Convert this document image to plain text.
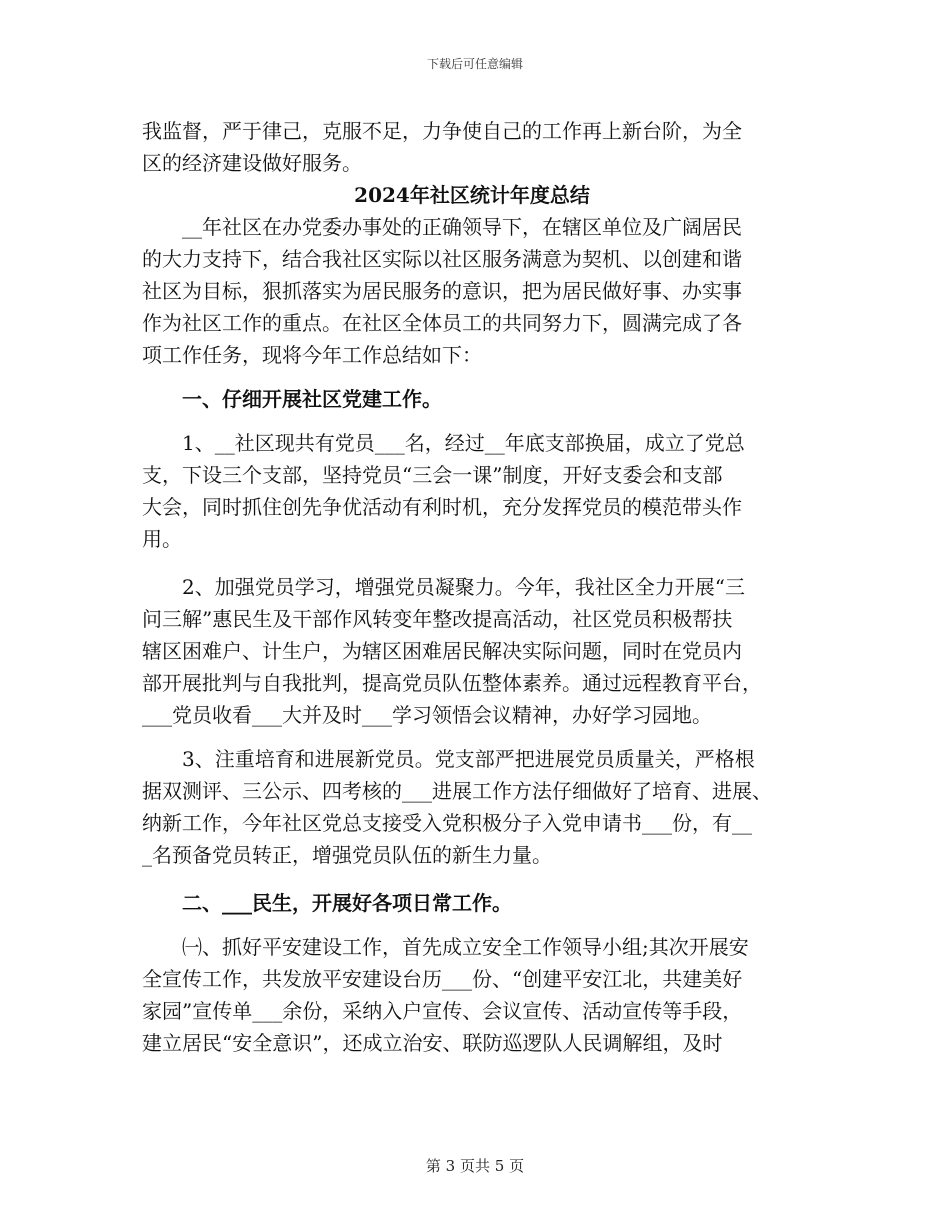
下载后可任意编辑
我监督，严于律己，克服不足，力争使自己的工作再上新台阶，为全
区的经济建设做好服务。
2024年社区统计年度总结
__年社区在办党委办事处的正确领导下，在辖区单位及广阔居民
的大力支持下，结合我社区实际以社区服务满意为契机、以创建和谐
社区为目标，狠抓落实为居民服务的意识，把为居民做好事、办实事
作为社区工作的重点。在社区全体员工的共同努力下，圆满完成了各
项工作任务，现将今年工作总结如下：
一、仔细开展社区党建工作。
1、__社区现共有党员___名，经过__年底支部换届，成立了党总
支，下设三个支部，坚持党员“三会一课”制度，开好支委会和支部
大会，同时抓住创先争优活动有利时机，充分发挥党员的模范带头作
用。
2、加强党员学习，增强党员凝聚力。今年，我社区全力开展“三
问三解”惠民生及干部作风转变年整改提高活动，社区党员积极帮扶
辖区困难户、计生户，为辖区困难居民解决实际问题，同时在党员内
部开展批判与自我批判，提高党员队伍整体素养。通过远程教育平台，
___党员收看___大并及时___学习领悟会议精神，办好学习园地。
3、注重培育和进展新党员。党支部严把进展党员质量关，严格根
据双测评、三公示、四考核的___进展工作方法仔细做好了培育、进展、
纳新工作，今年社区党总支接受入党积极分子入党申请书___份，有__
_名预备党员转正，增强党员队伍的新生力量。
二、___民生，开展好各项日常工作。
㈠、抓好平安建设工作，首先成立安全工作领导小组;其次开展安
全宣传工作，共发放平安建设台历___份、“创建平安江北，共建美好
家园”宣传单___余份，采纳入户宣传、会议宣传、活动宣传等手段，
建立居民“安全意识”，还成立治安、联防巡逻队人民调解组，及时
第 3 页共 5 页
